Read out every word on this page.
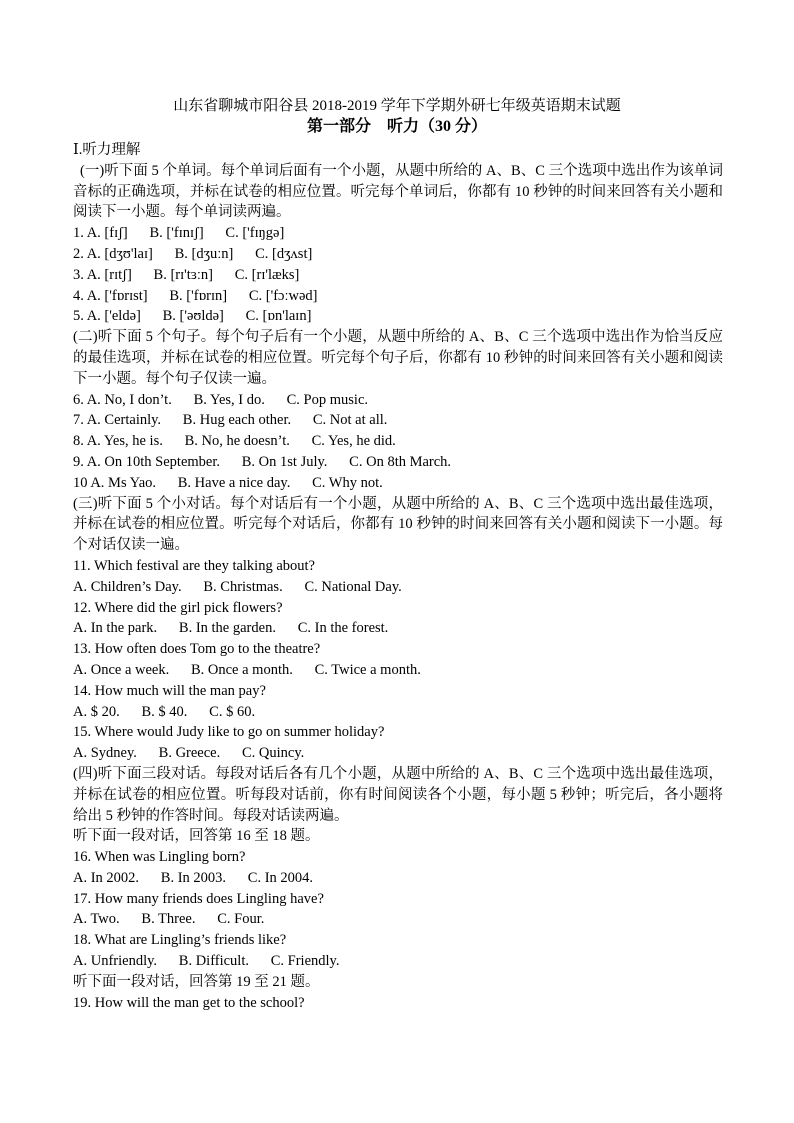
山东省聊城市阳谷县 2018-2019 学年下学期外研七年级英语期末试题
第一部分　听力（30 分）
Ⅰ.听力理解
(一)听下面 5 个单词。每个单词后面有一个小题，从题中所给的 A、B、C 三个选项中选出作为该单词音标的正确选项，并标在试卷的相应位置。听完每个单词后，你都有 10 秒钟的时间来回答有关小题和阅读下一小题。每个单词读两遍。
1. A. [fɪʃ]      B. ['fɪnɪʃ]      C. ['fɪŋgə]
2. A. [dʒʊ'laɪ]      B. [dʒuːn]      C. [dʒʌst]
3. A. [rɪtʃ]      B. [rɪ'tɜːn]      C. [rɪ'læks]
4. A. ['fɒrɪst]      B. ['fɒrɪn]      C. ['fɔːwəd]
5. A. ['eldə]      B. ['əʊldə]      C. [ɒn'laɪn]
(二)听下面 5 个句子。每个句子后有一个小题，从题中所给的 A、B、C 三个选项中选出作为恰当反应的最佳选项，并标在试卷的相应位置。听完每个句子后，你都有 10 秒钟的时间来回答有关小题和阅读下一小题。每个句子仅读一遍。
6. A. No, I don’t.      B. Yes, I do.      C. Pop music.
7. A. Certainly.      B. Hug each other.      C. Not at all.
8. A. Yes, he is.      B. No, he doesn’t.      C. Yes, he did.
9. A. On 10th September.      B. On 1st July.      C. On 8th March.
10 A. Ms Yao.      B. Have a nice day.      C. Why not.
(三)听下面 5 个小对话。每个对话后有一个小题，从题中所给的 A、B、C 三个选项中选出最佳选项，并标在试卷的相应位置。听完每个对话后，你都有 10 秒钟的时间来回答有关小题和阅读下一小题。每个对话仅读一遍。
11. Which festival are they talking about?
A. Children’s Day.      B. Christmas.      C. National Day.
12. Where did the girl pick flowers?
A. In the park.      B. In the garden.      C. In the forest.
13. How often does Tom go to the theatre?
A. Once a week.      B. Once a month.      C. Twice a month.
14. How much will the man pay?
A. $ 20.      B. $ 40.      C. $ 60.
15. Where would Judy like to go on summer holiday?
A. Sydney.      B. Greece.      C. Quincy.
(四)听下面三段对话。每段对话后各有几个小题，从题中所给的 A、B、C 三个选项中选出最佳选项，并标在试卷的相应位置。听每段对话前，你有时间阅读各个小题，每小题 5 秒钟；听完后，各小题将给出 5 秒钟的作答时间。每段对话读两遍。
听下面一段对话，回答第 16 至 18 题。
16. When was Lingling born?
A. In 2002.      B. In 2003.      C. In 2004.
17. How many friends does Lingling have?
A. Two.      B. Three.      C. Four.
18. What are Lingling’s friends like?
A. Unfriendly.      B. Difficult.      C. Friendly.
听下面一段对话，回答第 19 至 21 题。
19. How will the man get to the school?
